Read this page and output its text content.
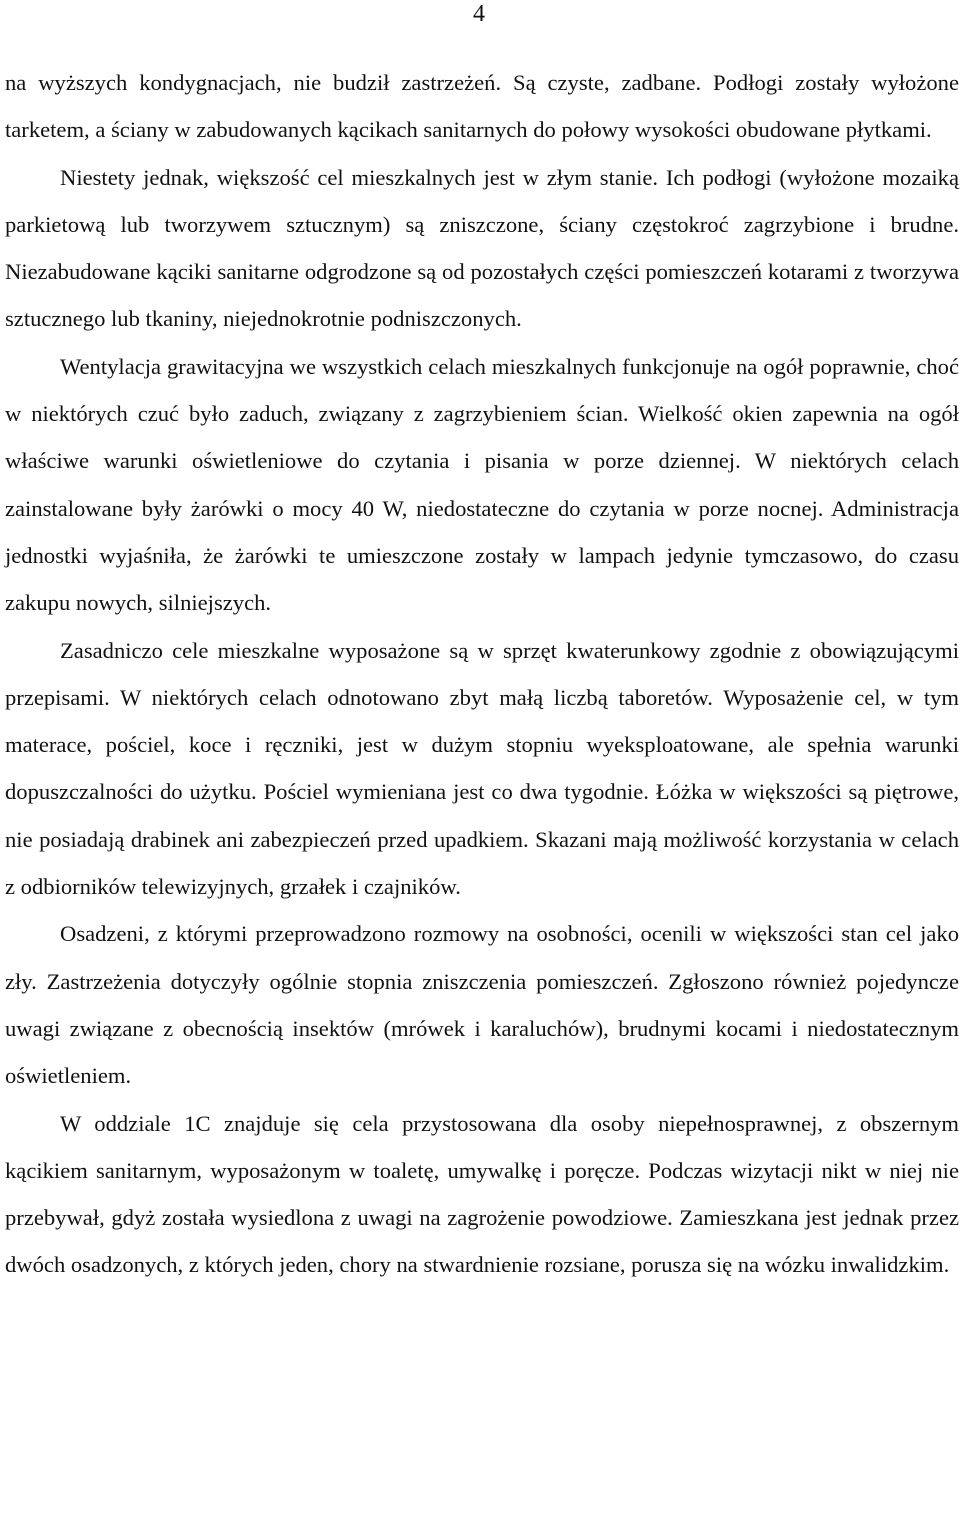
4

na wyższych kondygnacjach, nie budził zastrzeżeń. Są czyste, zadbane. Podłogi zostały wyłożone tarketem, a ściany w zabudowanych kącikach sanitarnych do połowy wysokości obudowane płytkami.

Niestety jednak, większość cel mieszkalnych jest w złym stanie. Ich podłogi (wyłożone mozaiką parkietową lub tworzywem sztucznym) są zniszczone, ściany częstokroć zagrzybione i brudne. Niezabudowane kąciki sanitarne odgrodzone są od pozostałych części pomieszczeń kotarami z tworzywa sztucznego lub tkaniny, niejednokrotnie podniszczonych.

Wentylacja grawitacyjna we wszystkich celach mieszkalnych funkcjonuje na ogół poprawnie, choć w niektórych czuć było zaduch, związany z zagrzybieniem ścian. Wielkość okien zapewnia na ogół właściwe warunki oświetleniowe do czytania i pisania w porze dziennej. W niektórych celach zainstalowane były żarówki o mocy 40 W, niedostateczne do czytania w porze nocnej. Administracja jednostki wyjaśniła, że żarówki te umieszczone zostały w lampach jedynie tymczasowo, do czasu zakupu nowych, silniejszych.

Zasadniczo cele mieszkalne wyposażone są w sprzęt kwaterunkowy zgodnie z obowiązującymi przepisami. W niektórych celach odnotowano zbyt małą liczbą taboretów. Wyposażenie cel, w tym materace, pościel, koce i ręczniki, jest w dużym stopniu wyeksploatowane, ale spełnia warunki dopuszczalności do użytku. Pościel wymieniana jest co dwa tygodnie. Łóżka w większości są piętrowe, nie posiadają drabinek ani zabezpieczeń przed upadkiem. Skazani mają możliwość korzystania w celach z odbiorników telewizyjnych, grzałek i czajników.

Osadzeni, z którymi przeprowadzono rozmowy na osobności, ocenili w większości stan cel jako zły. Zastrzeżenia dotyczyły ogólnie stopnia zniszczenia pomieszczeń. Zgłoszono również pojedyncze uwagi związane z obecnością insektów (mrówek i karaluchów), brudnymi kocami i niedostatecznym oświetleniem.

W oddziale 1C znajduje się cela przystosowana dla osoby niepełnosprawnej, z obszernym kącikiem sanitarnym, wyposażonym w toaletę, umywalkę i poręcze. Podczas wizytacji nikt w niej nie przebywał, gdyż została wysiedlona z uwagi na zagrożenie powodziowe. Zamieszkana jest jednak przez dwóch osadzonych, z których jeden, chory na stwardnienie rozsiane, porusza się na wózku inwalidzkim.
